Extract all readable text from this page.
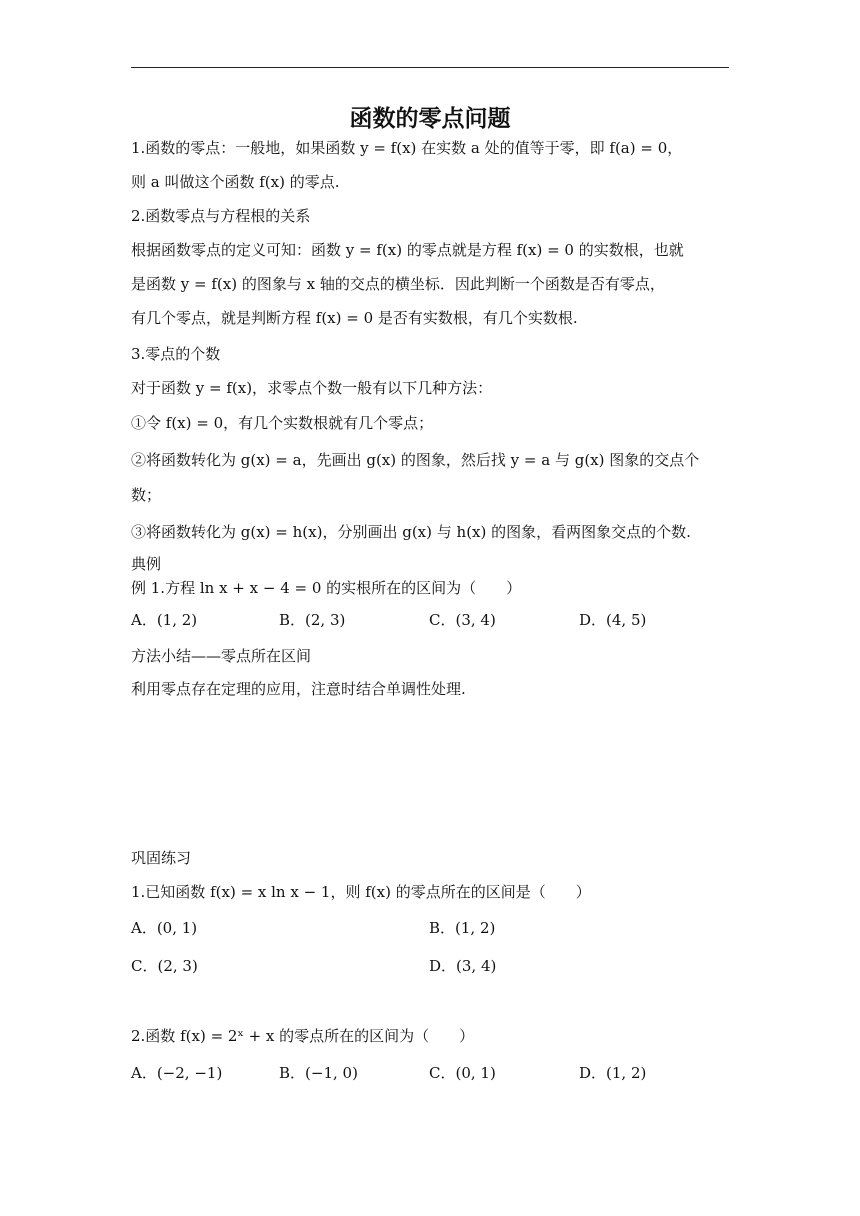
函数的零点问题
1.函数的零点：一般地，如果函数 y = f(x) 在实数 a 处的值等于零，即 f(a) = 0，
则 a 叫做这个函数 f(x) 的零点.
2.函数零点与方程根的关系
根据函数零点的定义可知：函数 y = f(x) 的零点就是方程 f(x) = 0 的实数根，也就
是函数 y = f(x) 的图象与 x 轴的交点的横坐标．因此判断一个函数是否有零点，
有几个零点，就是判断方程 f(x) = 0 是否有实数根，有几个实数根.
3.零点的个数
对于函数 y = f(x)，求零点个数一般有以下几种方法：
①令 f(x) = 0，有几个实数根就有几个零点；
②将函数转化为 g(x) = a，先画出 g(x) 的图象，然后找 y = a 与 g(x) 图象的交点个
数；
③将函数转化为 g(x) = h(x)，分别画出 g(x) 与 h(x) 的图象，看两图象交点的个数.
典例
例 1.方程 ln x + x − 4 = 0 的实根所在的区间为（　　）
A．(1, 2)	B．(2, 3)	C．(3, 4)	D．(4, 5)
方法小结——零点所在区间
利用零点存在定理的应用，注意时结合单调性处理.
巩固练习
1.已知函数 f(x) = x ln x − 1，则 f(x) 的零点所在的区间是（　　）
A．(0, 1)	B．(1, 2)
C．(2, 3)	D．(3, 4)
2.函数 f(x) = 2ˣ + x 的零点所在的区间为（　　）
A．(−2, −1)	B．(−1, 0)	C．(0, 1)	D．(1, 2)
